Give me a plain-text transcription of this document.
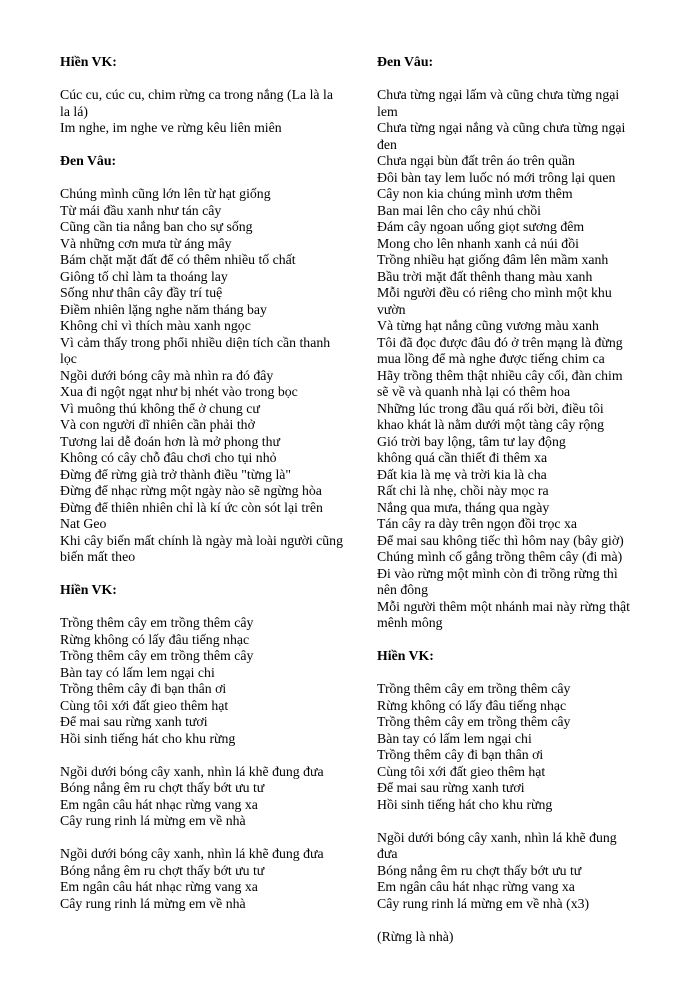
Hiền VK:
Cúc cu, cúc cu, chim rừng ca trong nắng (La là la
la lá)
Im nghe, im nghe ve rừng kêu liên miên
Đen Vâu:
Chúng mình cũng lớn lên từ hạt giống
Từ mái đầu xanh như tán cây
Cũng cần tia nắng ban cho sự sống
Và những cơn mưa từ áng mây
Bám chặt mặt đất để có thêm nhiều tố chất
Giông tố chỉ làm ta thoáng lay
Sống như thân cây đầy trí tuệ
Điềm nhiên lặng nghe năm tháng bay
Không chỉ vì thích màu xanh ngọc
Vì cảm thấy trong phổi nhiều diện tích cần thanh
lọc
Ngồi dưới bóng cây mà nhìn ra đó đây
Xua đi ngột ngạt như bị nhét vào trong bọc
Vì muông thú không thể ở chung cư
Và con người dĩ nhiên cần phải thở
Tương lai dễ đoán hơn là mở phong thư
Không có cây chỗ đâu chơi cho tụi nhỏ
Đừng để rừng già trở thành điều "từng là"
Đừng để nhạc rừng một ngày nào sẽ ngừng hòa
Đừng để thiên nhiên chỉ là kí ức còn sót lại trên
Nat Geo
Khi cây biến mất chính là ngày mà loài người cũng
biến mất theo
Hiền VK:
Trồng thêm cây em trồng thêm cây
Rừng không có lấy đâu tiếng nhạc
Trồng thêm cây em trồng thêm cây
Bàn tay có lấm lem ngại chi
Trồng thêm cây đi bạn thân ơi
Cùng tôi xới đất gieo thêm hạt
Để mai sau rừng xanh tươi
Hồi sinh tiếng hát cho khu rừng
Ngồi dưới bóng cây xanh, nhìn lá khẽ đung đưa
Bóng nắng êm ru chợt thấy bớt ưu tư
Em ngân câu hát nhạc rừng vang xa
Cây rung rinh lá mừng em về nhà
Ngồi dưới bóng cây xanh, nhìn lá khẽ đung đưa
Bóng nắng êm ru chợt thấy bớt ưu tư
Em ngân câu hát nhạc rừng vang xa
Cây rung rinh lá mừng em về nhà
Đen Vâu:
Chưa từng ngại lấm và cũng chưa từng ngại
lem
Chưa từng ngại nắng và cũng chưa từng ngại
đen
Chưa ngại bùn đất trên áo trên quần
Đôi bàn tay lem luốc nó mới trông lại quen
Cây non kia chúng mình ươm thêm
Ban mai lên cho cây nhú chồi
Đám cây ngoan uống giọt sương đêm
Mong cho lên nhanh xanh cả núi đồi
Trồng nhiều hạt giống đâm lên mầm xanh
Bầu trời mặt đất thênh thang màu xanh
Mỗi người đều có riêng cho mình một khu
vườn
Và từng hạt nắng cũng vương màu xanh
Tôi đã đọc được đâu đó ở trên mạng là đừng
mua lồng để mà nghe được tiếng chim ca
Hãy trồng thêm thật nhiều cây cối, đàn chim
sẽ về và quanh nhà lại có thêm hoa
Những lúc trong đầu quá rối bời, điều tôi
khao khát là nằm dưới một tàng cây rộng
Gió trời bay lộng, tâm tư lay động
không quá cần thiết đi thêm xa
Đất kia là mẹ và trời kia là cha
Rất chi là nhẹ, chồi này mọc ra
Nắng qua mưa, tháng qua ngày
Tán cây ra dày trên ngọn đồi trọc xa
Để mai sau không tiếc thì hôm nay (bây giờ)
Chúng mình cố gắng trồng thêm cây (đi mà)
Đi vào rừng một mình còn đi trồng rừng thì
nên đông
Mỗi người thêm một nhánh mai này rừng thật
mênh mông
Hiền VK:
Trồng thêm cây em trồng thêm cây
Rừng không có lấy đâu tiếng nhạc
Trồng thêm cây em trồng thêm cây
Bàn tay có lấm lem ngại chi
Trồng thêm cây đi bạn thân ơi
Cùng tôi xới đất gieo thêm hạt
Để mai sau rừng xanh tươi
Hồi sinh tiếng hát cho khu rừng
Ngồi dưới bóng cây xanh, nhìn lá khẽ đung
đưa
Bóng nắng êm ru chợt thấy bớt ưu tư
Em ngân câu hát nhạc rừng vang xa
Cây rung rinh lá mừng em về nhà (x3)
(Rừng là nhà)
